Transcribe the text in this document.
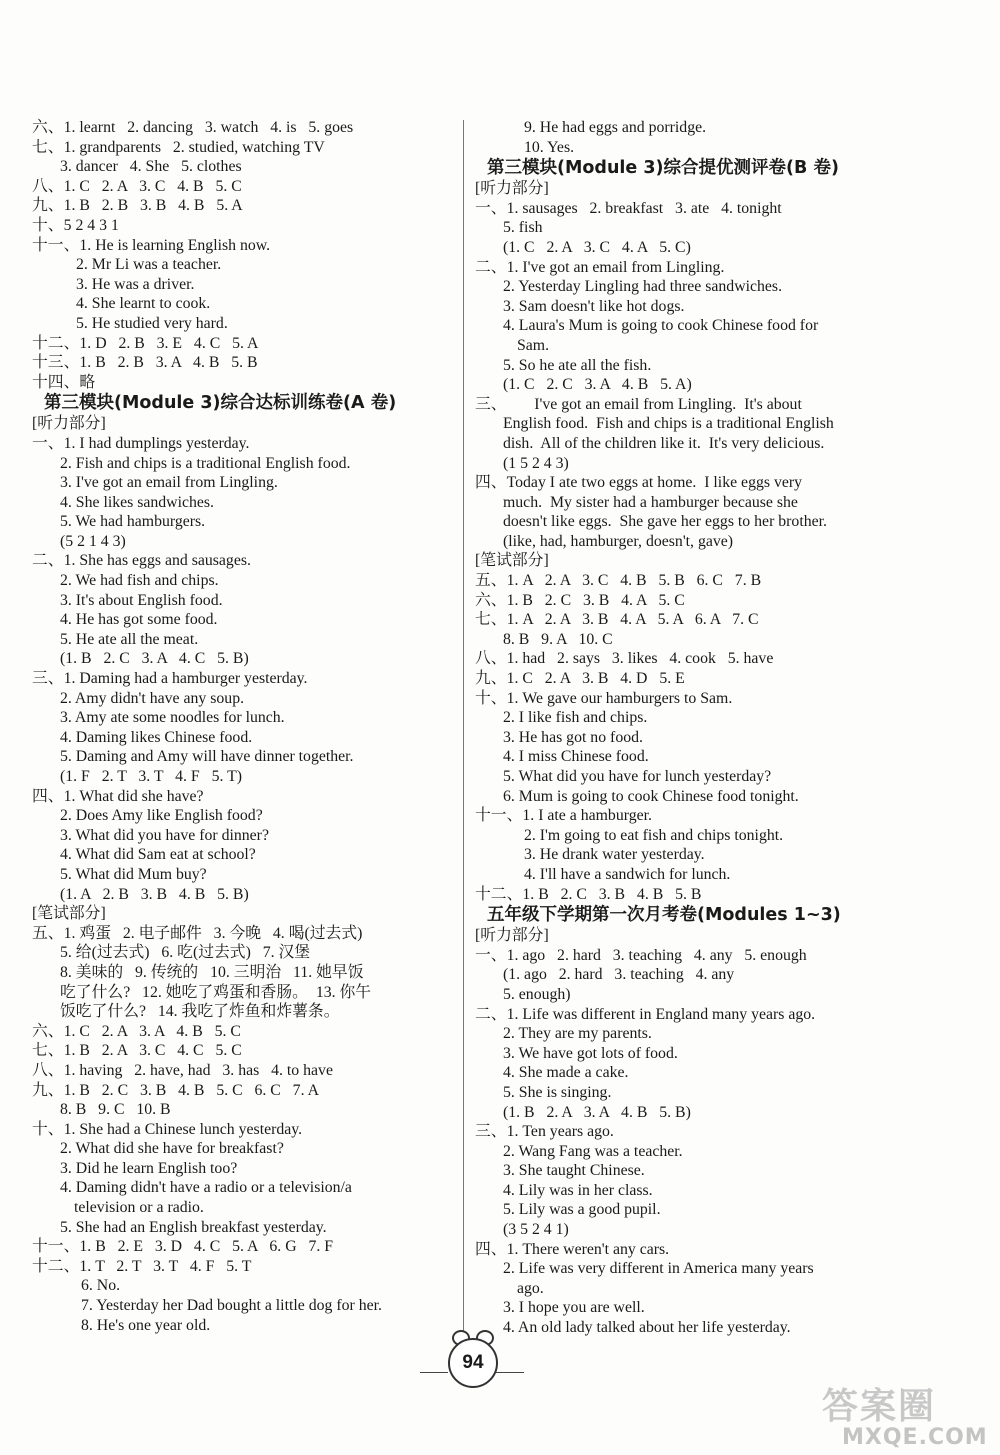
六、1. learnt   2. dancing   3. watch   4. is   5. goes
七、1. grandparents   2. studied, watching TV
3. dancer   4. She   5. clothes
八、1. C   2. A   3. C   4. B   5. C
九、1. B   2. B   3. B   4. B   5. A
十、5 2 4 3 1
十一、1. He is learning English now.
2. Mr Li was a teacher.
3. He was a driver.
4. She learnt to cook.
5. He studied very hard.
十二、1. D   2. B   3. E   4. C   5. A
十三、1. B   2. B   3. A   4. B   5. B
十四、略
第三模块(Module 3)综合达标训练卷(A 卷)
[ 听力部分]
一、1. I had dumplings yesterday.
2. Fish and chips is a traditional English food.
3. I've got an email from Lingling.
4. She likes sandwiches.
5. We had hamburgers.
(5 2 1 4 3)
二、1. She has eggs and sausages.
2. We had fish and chips.
3. It's about English food.
4. He has got some food.
5. He ate all the meat.
(1. B   2. C   3. A   4. C   5. B)
三、1. Daming had a hamburger yesterday.
2. Amy didn't have any soup.
3. Amy ate some noodles for lunch.
4. Daming likes Chinese food.
5. Daming and Amy will have dinner together.
(1. F   2. T   3. T   4. F   5. T)
四、1. What did she have?
2. Does Amy like English food?
3. What did you have for dinner?
4. What did Sam eat at school?
5. What did Mum buy?
(1. A   2. B   3. B   4. B   5. B)
[ 笔试部分]
五、1. 鸡蛋   2. 电子邮件   3. 今晚   4. 喝(过去式)
5. 给(过去式)   6. 吃(过去式)   7. 汉堡
8. 美味的   9. 传统的   10. 三明治   11. 她早饭
吃了什么?   12. 她吃了鸡蛋和香肠。  13. 你午
饭吃了什么?   14. 我吃了炸鱼和炸薯条。
六、1. C   2. A   3. A   4. B   5. C
七、1. B   2. A   3. C   4. C   5. C
八、1. having   2. have, had   3. has   4. to have
九、1. B   2. C   3. B   4. B   5. C   6. C   7. A
8. B   9. C   10. B
十、1. She had a Chinese lunch yesterday.
2. What did she have for breakfast?
3. Did he learn English too?
4. Daming didn't have a radio or a television/a
television or a radio.
5. She had an English breakfast yesterday.
十一、1. B   2. E   3. D   4. C   5. A   6. G   7. F
十二、1. T   2. T   3. T   4. F   5. T
6. No.
7. Yesterday her Dad bought a little dog for her.
8. He's one year old.
9. He had eggs and porridge.
10. Yes.
第三模块(Module 3)综合提优测评卷(B 卷)
[ 听力部分]
一、1. sausages   2. breakfast   3. ate   4. tonight
5. fish
(1. C   2. A   3. C   4. A   5. C)
二、1. I've got an email from Lingling.
2. Yesterday Lingling had three sandwiches.
3. Sam doesn't like hot dogs.
4. Laura's Mum is going to cook Chinese food for
Sam.
5. So he ate all the fish.
(1. C   2. C   3. A   4. B   5. A)
三、       I've got an email from Lingling.  It's about
English food.  Fish and chips is a traditional English
dish.  All of the children like it.  It's very delicious.
(1 5 2 4 3)
四、Today I ate two eggs at home.  I like eggs very
much.  My sister had a hamburger because she
doesn't like eggs.  She gave her eggs to her brother.
(like, had, hamburger, doesn't, gave)
[ 笔试部分]
五、1. A   2. A   3. C   4. B   5. B   6. C   7. B
六、1. B   2. C   3. B   4. A   5. C
七、1. A   2. A   3. B   4. A   5. A   6. A   7. C
8. B   9. A   10. C
八、1. had   2. says   3. likes   4. cook   5. have
九、1. C   2. A   3. B   4. D   5. E
十、1. We gave our hamburgers to Sam.
2. I like fish and chips.
3. He has got no food.
4. I miss Chinese food.
5. What did you have for lunch yesterday?
6. Mum is going to cook Chinese food tonight.
十一、1. I ate a hamburger.
2. I'm going to eat fish and chips tonight.
3. He drank water yesterday.
4. I'll have a sandwich for lunch.
十二、1. B   2. C   3. B   4. B   5. B
五年级下学期第一次月考卷(Modules 1~3)
[ 听力部分]
一、1. ago   2. hard   3. teaching   4. any   5. enough
(1. ago   2. hard   3. teaching   4. any
5. enough)
二、1. Life was different in England many years ago.
2. They are my parents.
3. We have got lots of food.
4. She made a cake.
5. She is singing.
(1. B   2. A   3. A   4. B   5. B)
三、1. Ten years ago.
2. Wang Fang was a teacher.
3. She taught Chinese.
4. Lily was in her class.
5. Lily was a good pupil.
(3 5 2 4 1)
四、1. There weren't any cars.
2. Life was very different in America many years
ago.
3. I hope you are well.
4. An old lady talked about her life yesterday.
94
答案圈
MXQE.COM
